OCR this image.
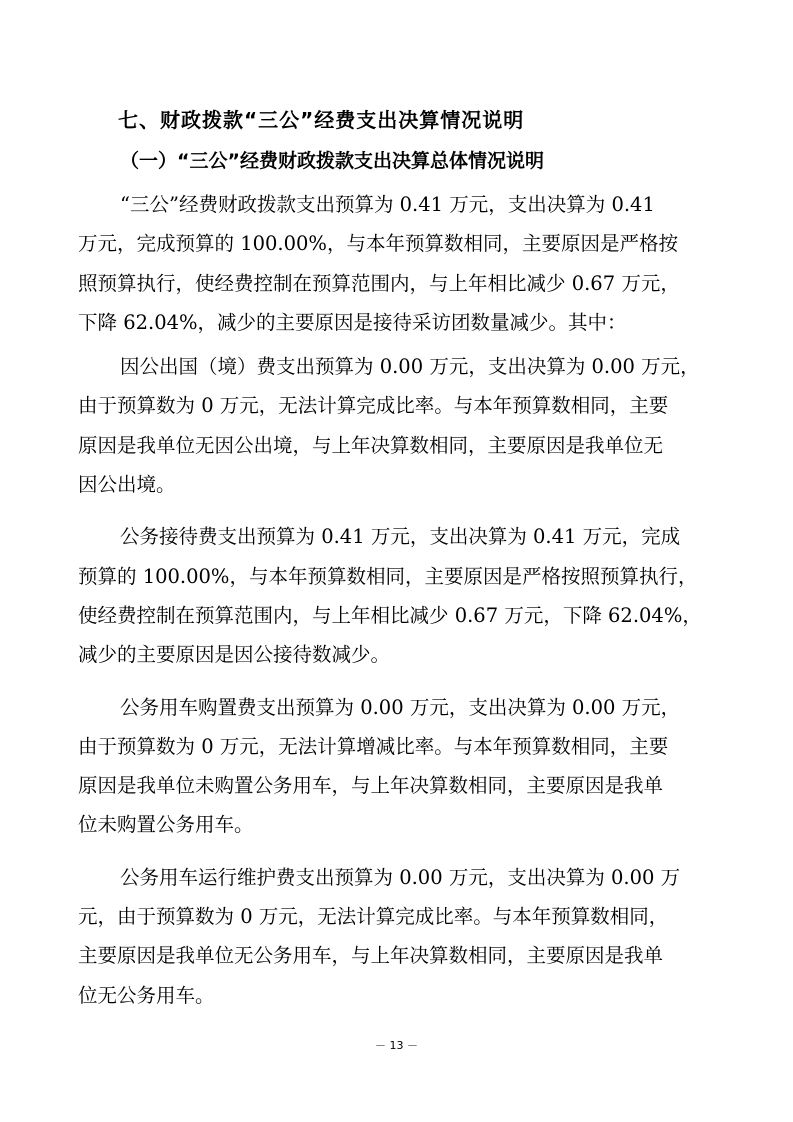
七、财政拨款“三公”经费支出决算情况说明
（一）“三公”经费财政拨款支出决算总体情况说明

“三公”经费财政拨款支出预算为 0.41 万元，支出决算为 0.41
万元，完成预算的 100.00%，与本年预算数相同，主要原因是严格按
照预算执行，使经费控制在预算范围内，与上年相比减少 0.67 万元，
下降 62.04%，减少的主要原因是接待采访团数量减少。其中：

因公出国（境）费支出预算为 0.00 万元，支出决算为 0.00 万元，
由于预算数为 0 万元，无法计算完成比率。与本年预算数相同，主要
原因是我单位无因公出境，与上年决算数相同，主要原因是我单位无
因公出境。

公务接待费支出预算为 0.41 万元，支出决算为 0.41 万元，完成
预算的 100.00%，与本年预算数相同，主要原因是严格按照预算执行，
使经费控制在预算范围内，与上年相比减少 0.67 万元，下降 62.04%，
减少的主要原因是因公接待数减少。

公务用车购置费支出预算为 0.00 万元，支出决算为 0.00 万元，
由于预算数为 0 万元，无法计算增减比率。与本年预算数相同，主要
原因是我单位未购置公务用车，与上年决算数相同，主要原因是我单
位未购置公务用车。

公务用车运行维护费支出预算为 0.00 万元，支出决算为 0.00 万
元，由于预算数为 0 万元，无法计算完成比率。与本年预算数相同，
主要原因是我单位无公务用车，与上年决算数相同，主要原因是我单
位无公务用车。

－ 13 －
